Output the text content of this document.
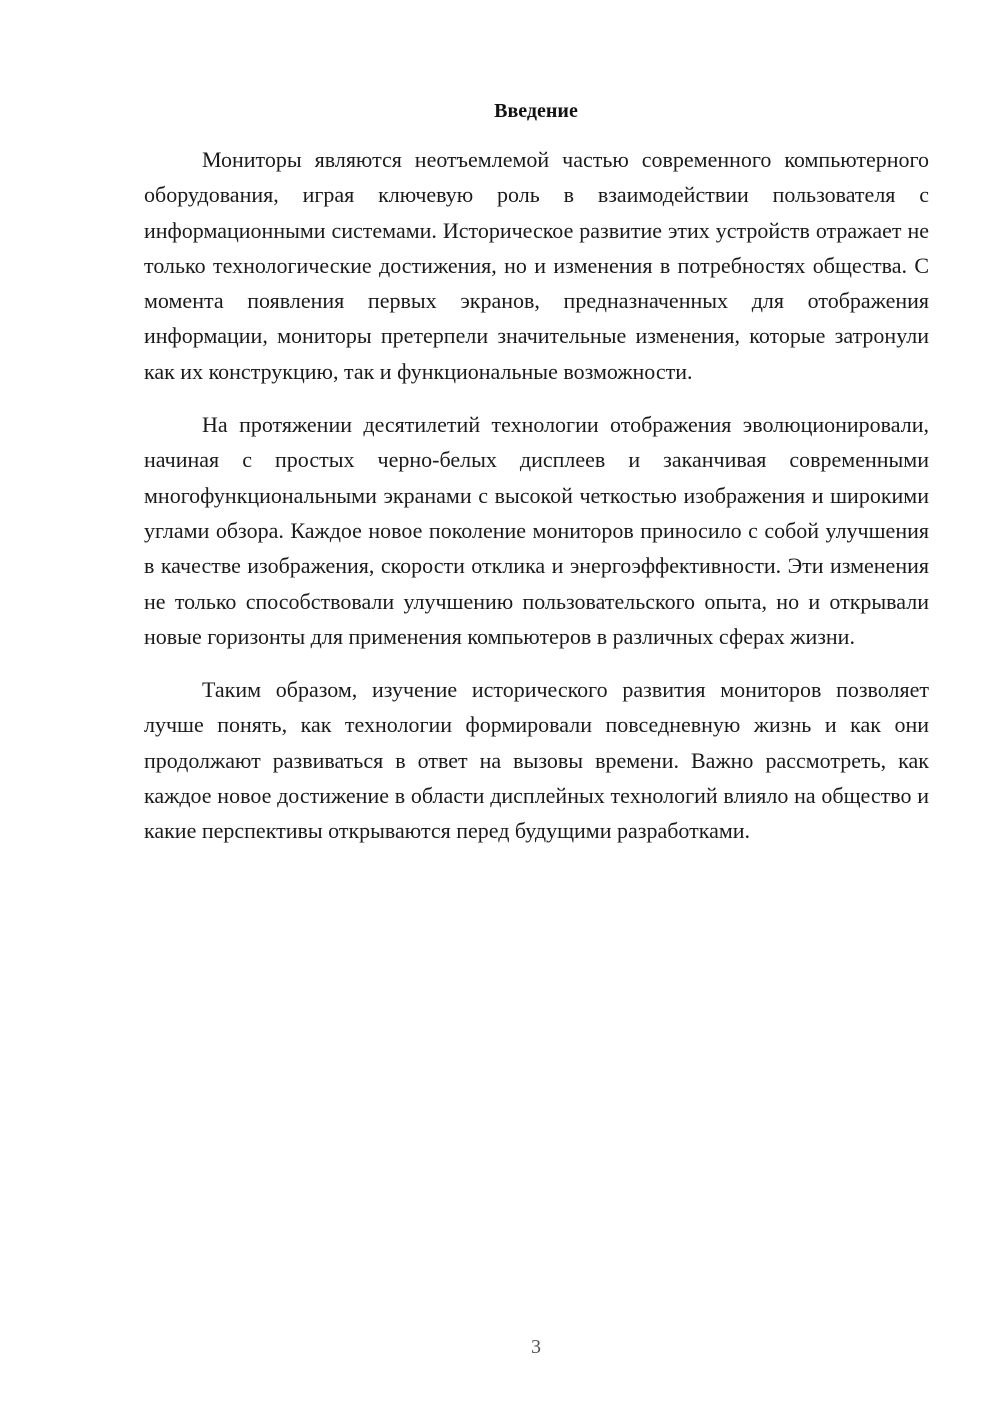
Введение

Мониторы являются неотъемлемой частью современного компьютерного оборудования, играя ключевую роль в взаимодействии пользователя с информационными системами. Историческое развитие этих устройств отражает не только технологические достижения, но и изменения в потребностях общества. С момента появления первых экранов, предназначенных для отображения информации, мониторы претерпели значительные изменения, которые затронули как их конструкцию, так и функциональные возможности.

На протяжении десятилетий технологии отображения эволюционировали, начиная с простых черно-белых дисплеев и заканчивая современными многофункциональными экранами с высокой четкостью изображения и широкими углами обзора. Каждое новое поколение мониторов приносило с собой улучшения в качестве изображения, скорости отклика и энергоэффективности. Эти изменения не только способствовали улучшению пользовательского опыта, но и открывали новые горизонты для применения компьютеров в различных сферах жизни.

Таким образом, изучение исторического развития мониторов позволяет лучше понять, как технологии формировали повседневную жизнь и как они продолжают развиваться в ответ на вызовы времени. Важно рассмотреть, как каждое новое достижение в области дисплейных технологий влияло на общество и какие перспективы открываются перед будущими разработками.

3
